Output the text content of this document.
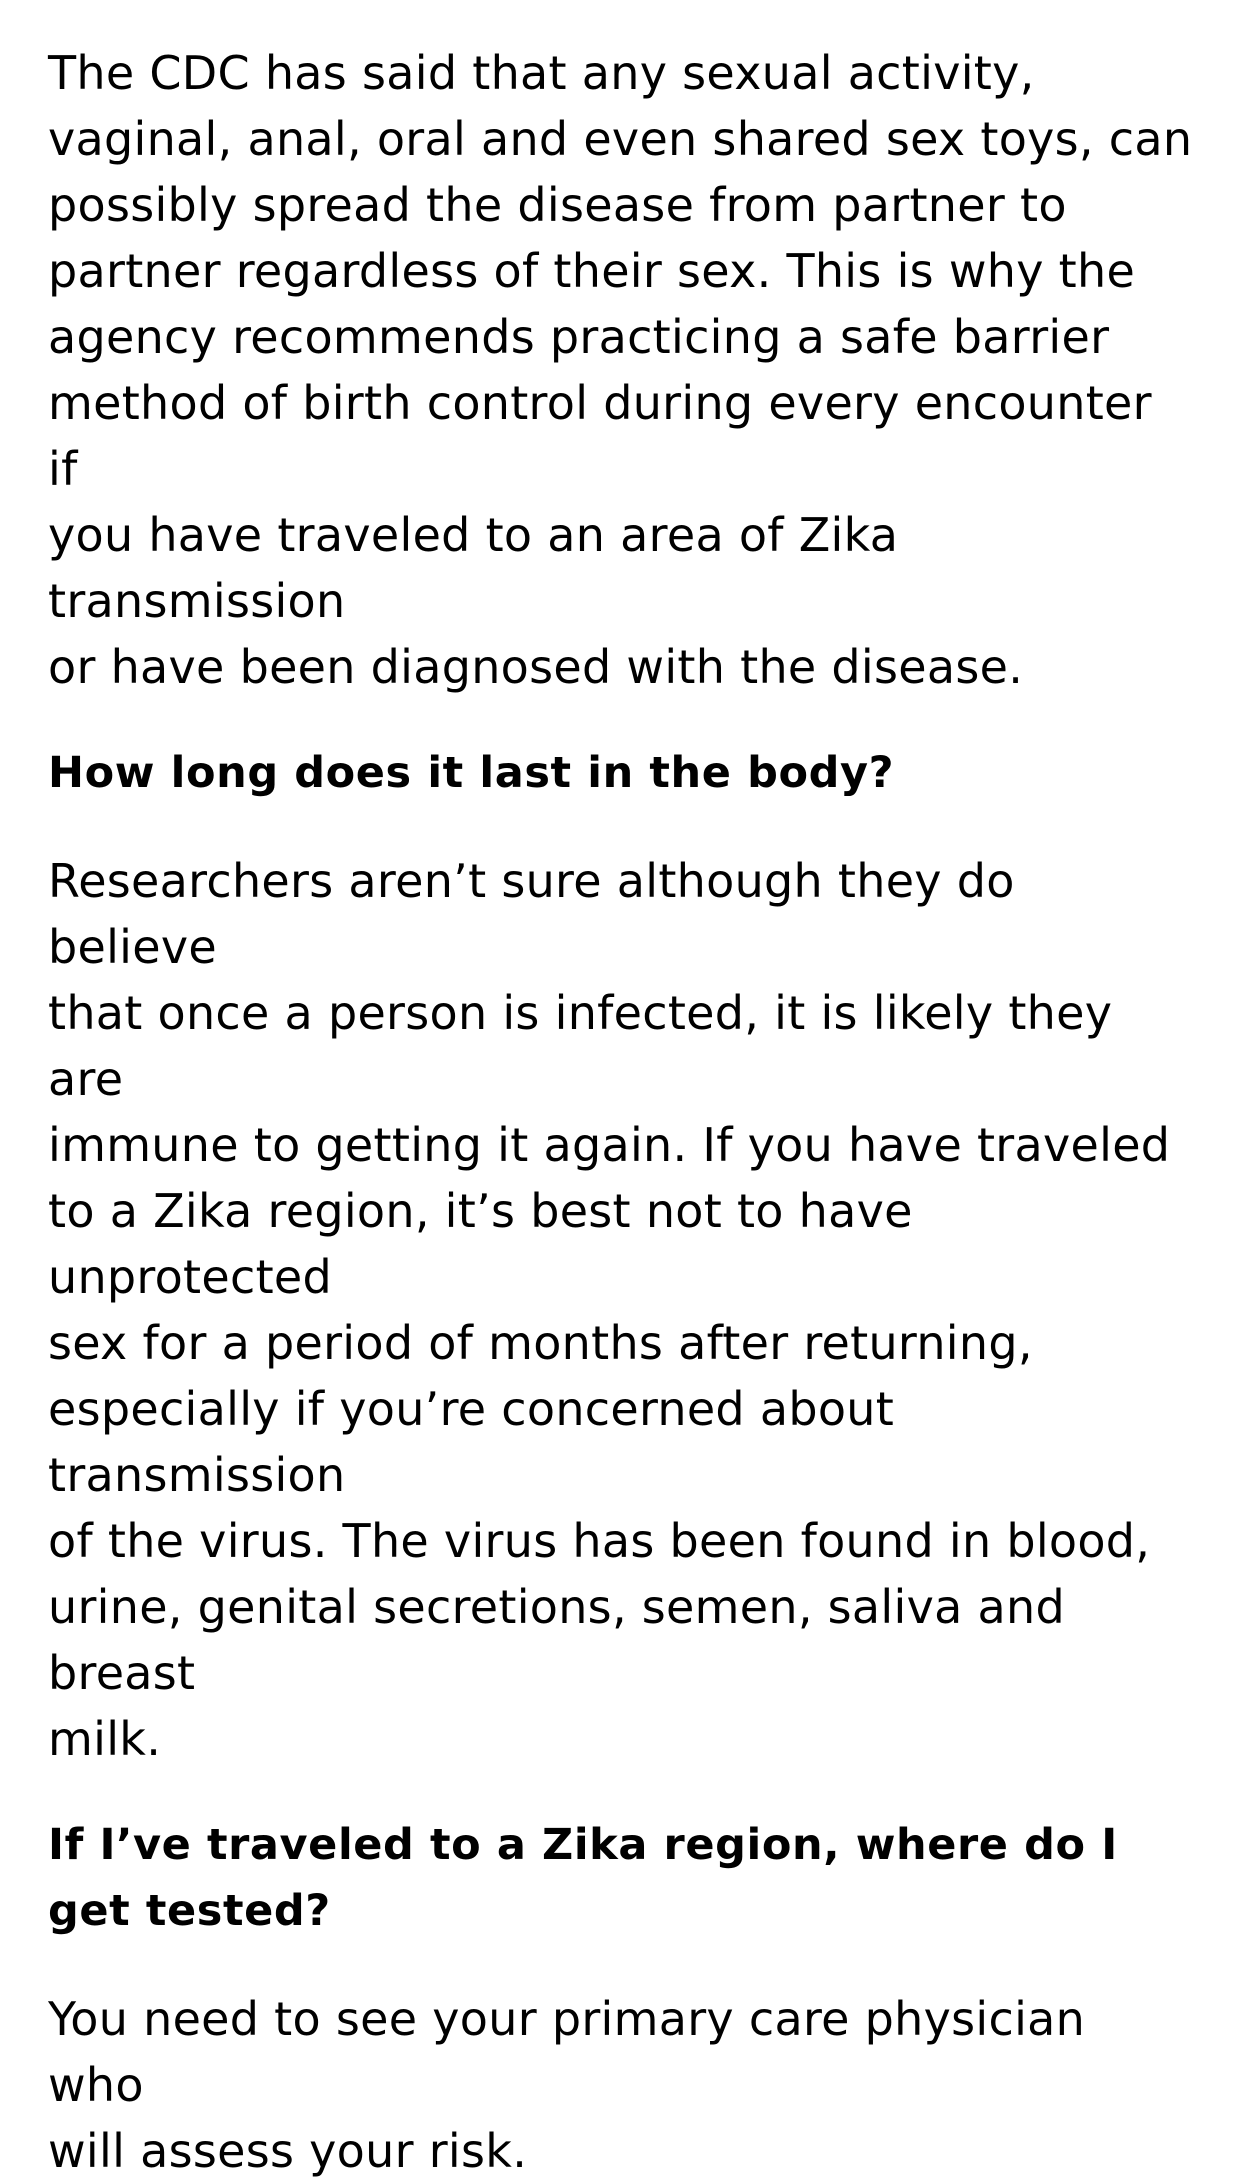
The CDC has said that any sexual activity,
vaginal, anal, oral and even shared sex toys, can
possibly spread the disease from partner to
partner regardless of their sex. This is why the
agency recommends practicing a safe barrier
method of birth control during every encounter if
you have traveled to an area of Zika transmission
or have been diagnosed with the disease.

How long does it last in the body?

Researchers aren’t sure although they do believe
that once a person is infected, it is likely they are
immune to getting it again. If you have traveled
to a Zika region, it’s best not to have unprotected
sex for a period of months after returning,
especially if you’re concerned about transmission
of the virus. The virus has been found in blood,
urine, genital secretions, semen, saliva and breast
milk.

If I’ve traveled to a Zika region, where do I
get tested?

You need to see your primary care physician who
will assess your risk.
